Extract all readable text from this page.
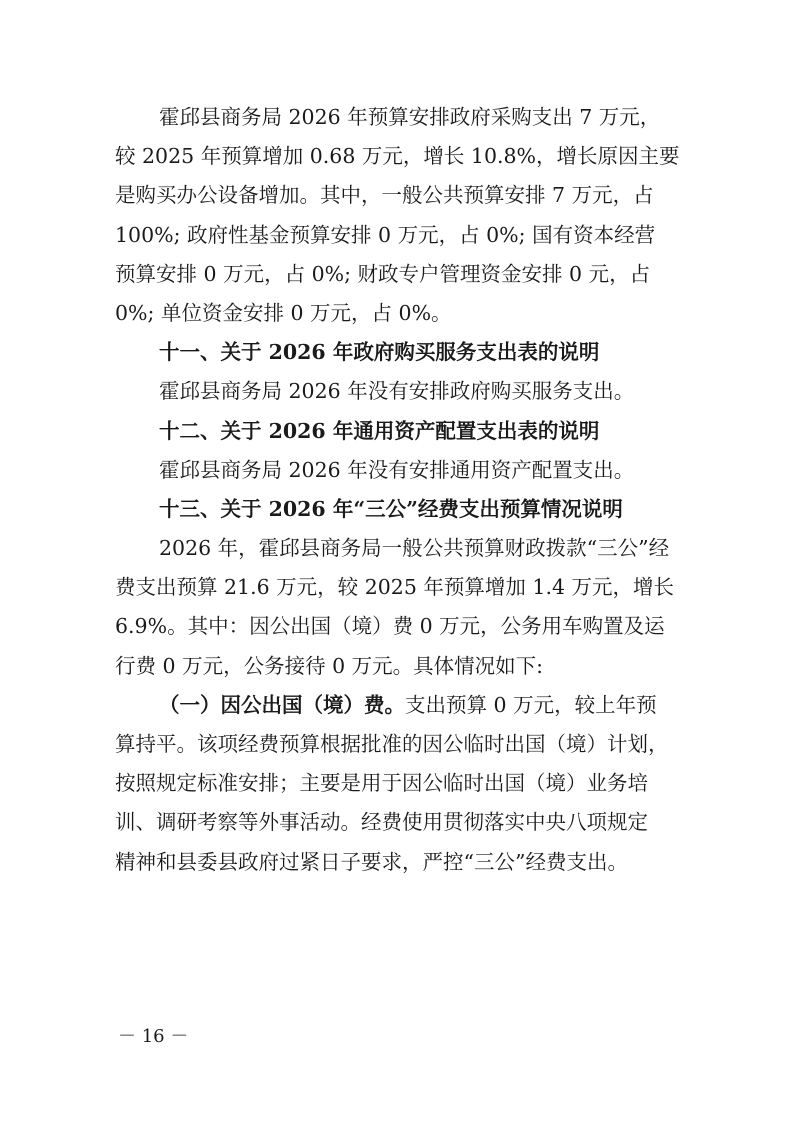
霍邱县商务局 2026 年预算安排政府采购支出 7 万元，
较 2025 年预算增加 0.68 万元，增长 10.8%，增长原因主要
是购买办公设备增加。其中，一般公共预算安排 7 万元，占
100%; 政府性基金预算安排 0 万元，占 0%; 国有资本经营
预算安排 0 万元，占 0%; 财政专户管理资金安排 0 元，占
0%; 单位资金安排 0 万元，占 0%。
十一、关于 2026 年政府购买服务支出表的说明
霍邱县商务局 2026 年没有安排政府购买服务支出。
十二、关于 2026 年通用资产配置支出表的说明
霍邱县商务局 2026 年没有安排通用资产配置支出。
十三、关于 2026 年“三公”经费支出预算情况说明
2026 年，霍邱县商务局一般公共预算财政拨款“三公”经
费支出预算 21.6 万元，较 2025 年预算增加 1.4 万元，增长
6.9%。其中：因公出国（境）费 0 万元，公务用车购置及运
行费 0 万元，公务接待 0 万元。具体情况如下:
（一）因公出国（境）费。支出预算 0 万元，较上年预
算持平。该项经费预算根据批准的因公临时出国（境）计划，
按照规定标准安排；主要是用于因公临时出国（境）业务培
训、调研考察等外事活动。经费使用贯彻落实中央八项规定
精神和县委县政府过紧日子要求，严控“三公”经费支出。
－ 16 －
